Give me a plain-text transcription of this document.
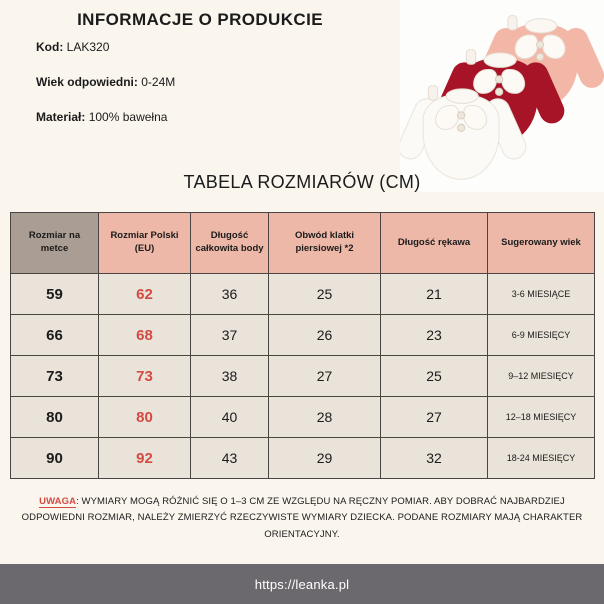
INFORMACJE O PRODUKCIE
Kod: LAK320
Wiek odpowiedni: 0-24M
Materiał: 100% bawełna
TABELA ROZMIARÓW (CM)
Rozmiar na metce	Rozmiar Polski (EU)	Długość całkowita body	Obwód klatki piersiowej *2	Długość rękawa	Sugerowany wiek
59	62	36	25	21	3-6 MIESIĄCE
66	68	37	26	23	6-9 MIESIĘCY
73	73	38	27	25	9–12 MIESIĘCY
80	80	40	28	27	12–18 MIESIĘCY
90	92	43	29	32	18-24 MIESIĘCY
UWAGA: WYMIARY MOGĄ RÓŻNIĆ SIĘ O 1–3 CM ZE WZGLĘDU NA RĘCZNY POMIAR. ABY DOBRAĆ NAJBARDZIEJ ODPOWIEDNI ROZMIAR, NALEŻY ZMIERZYĆ RZECZYWISTE WYMIARY DZIECKA. PODANE ROZMIARY MAJĄ CHARAKTER ORIENTACYJNY.
https://leanka.pl
